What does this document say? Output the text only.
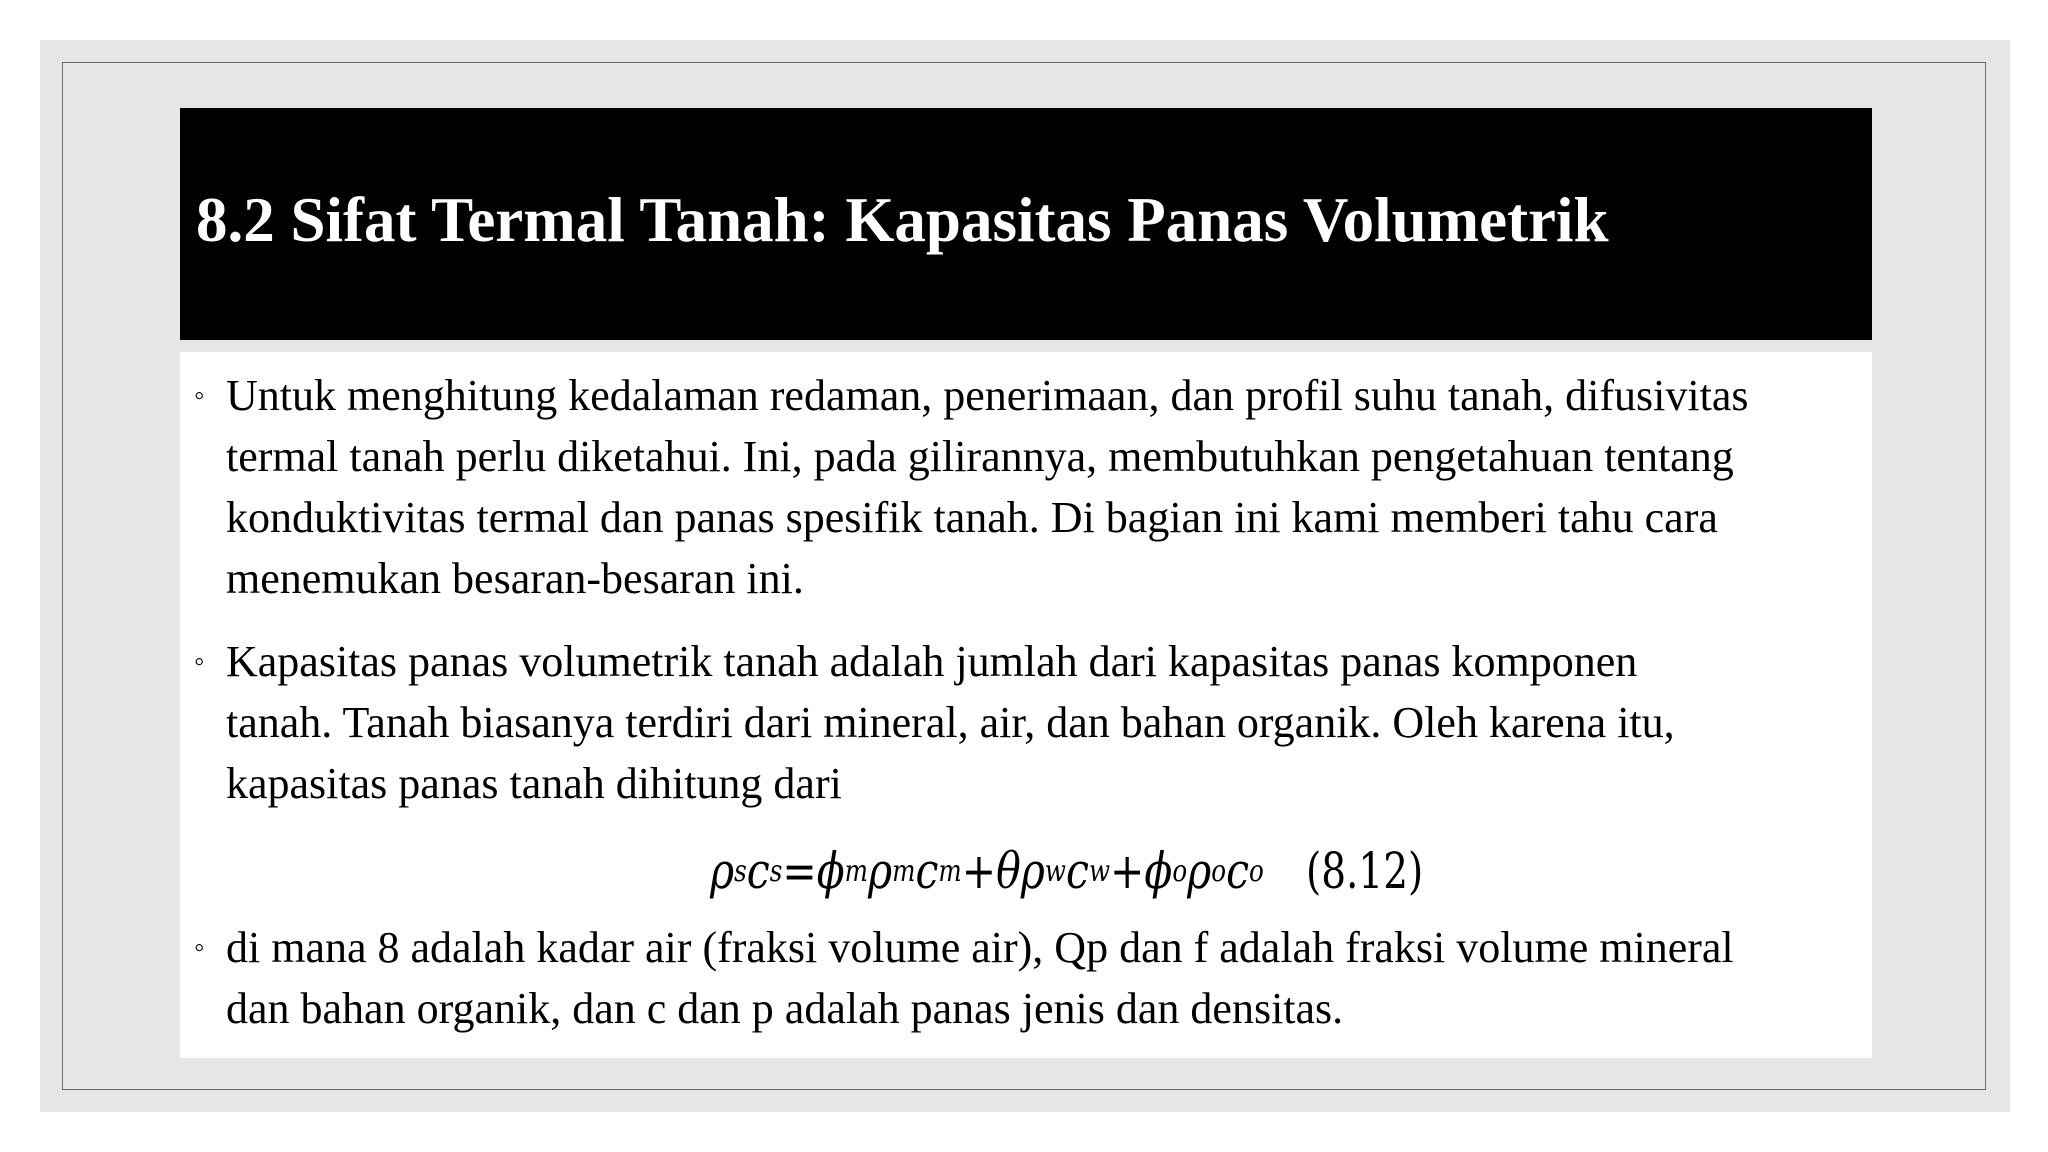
8.2 Sifat Termal Tanah: Kapasitas Panas Volumetrik
◦ Untuk menghitung kedalaman redaman, penerimaan, dan profil suhu tanah, difusivitas
termal tanah perlu diketahui. Ini, pada gilirannya, membutuhkan pengetahuan tentang
konduktivitas termal dan panas spesifik tanah. Di bagian ini kami memberi tahu cara
menemukan besaran-besaran ini.
◦ Kapasitas panas volumetrik tanah adalah jumlah dari kapasitas panas komponen
tanah. Tanah biasanya terdiri dari mineral, air, dan bahan organik. Oleh karena itu,
kapasitas panas tanah dihitung dari
ρ s c s = ϕ m ρ m c m + θ ρ w c w + ϕ o ρ o c o (8.12)
◦ di mana 8 adalah kadar air (fraksi volume air), Qp dan f adalah fraksi volume mineral
dan bahan organik, dan c dan p adalah panas jenis dan densitas.
